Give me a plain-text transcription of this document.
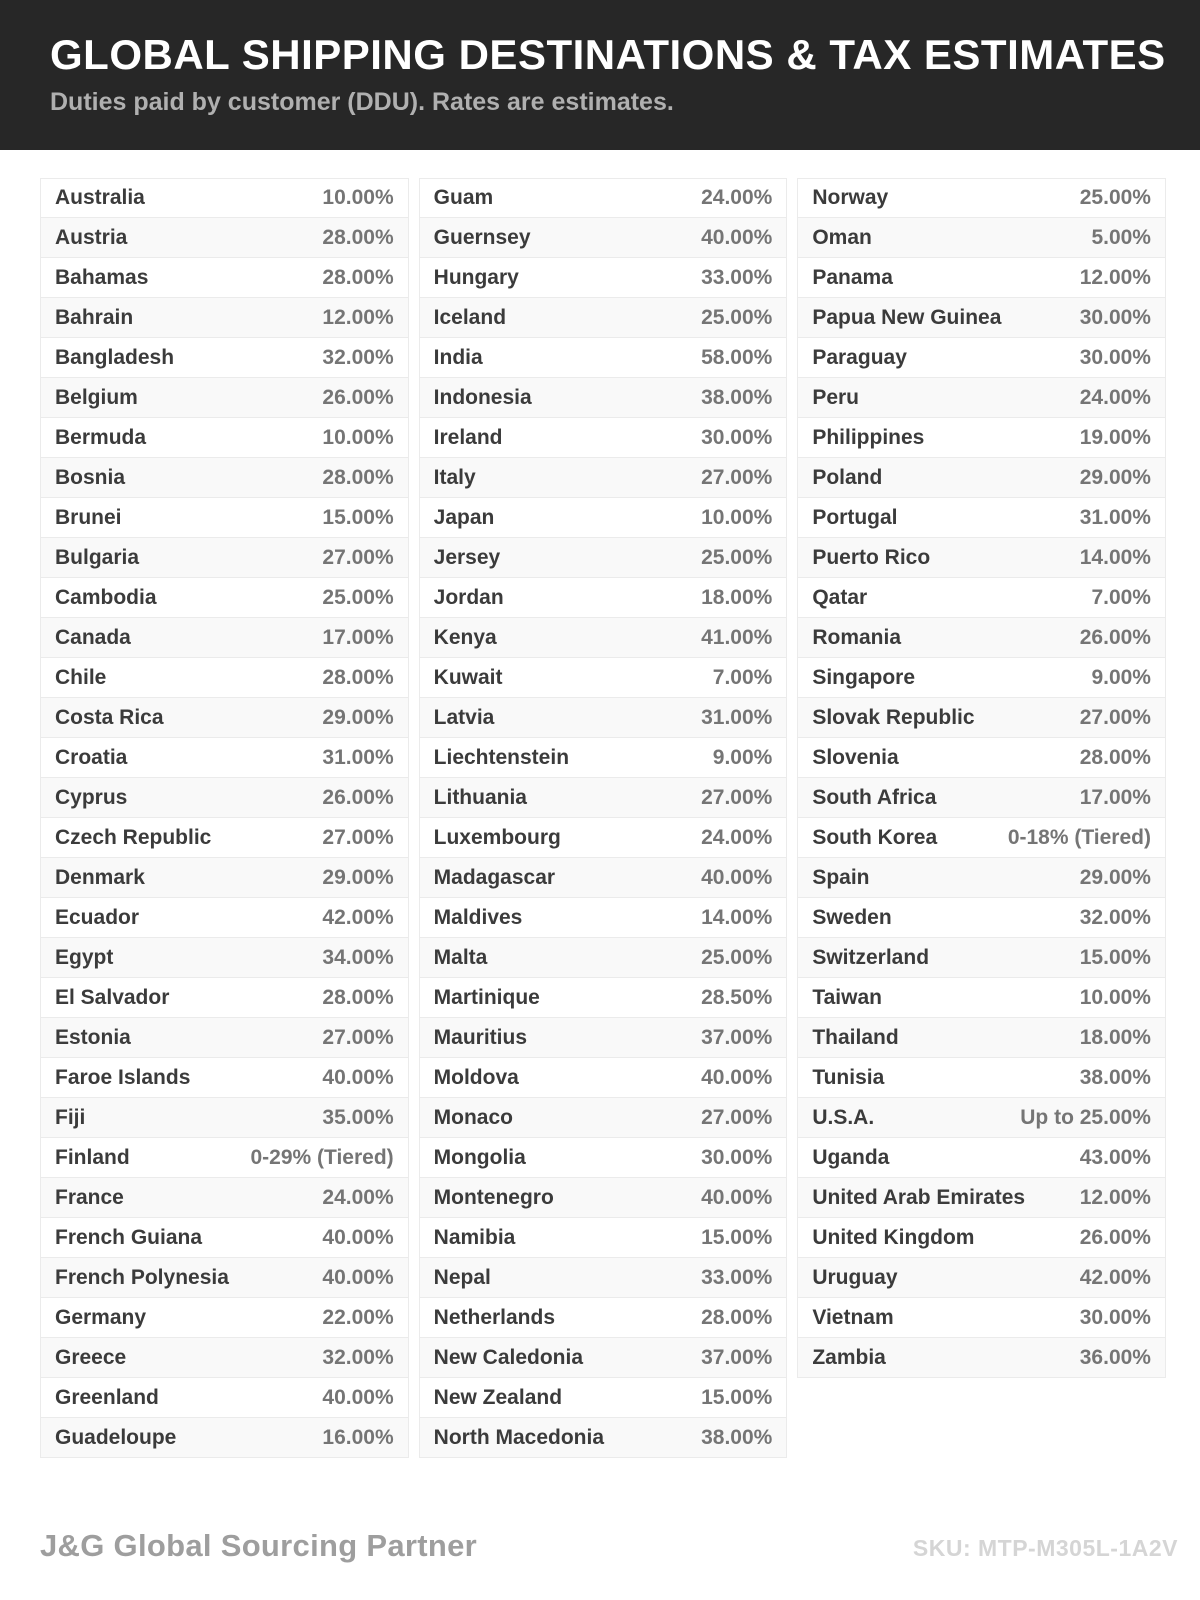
GLOBAL SHIPPING DESTINATIONS & TAX ESTIMATES

Duties paid by customer (DDU). Rates are estimates.

Australia	10.00%
Austria	28.00%
Bahamas	28.00%
Bahrain	12.00%
Bangladesh	32.00%
Belgium	26.00%
Bermuda	10.00%
Bosnia	28.00%
Brunei	15.00%
Bulgaria	27.00%
Cambodia	25.00%
Canada	17.00%
Chile	28.00%
Costa Rica	29.00%
Croatia	31.00%
Cyprus	26.00%
Czech Republic	27.00%
Denmark	29.00%
Ecuador	42.00%
Egypt	34.00%
El Salvador	28.00%
Estonia	27.00%
Faroe Islands	40.00%
Fiji	35.00%
Finland	0-29% (Tiered)
France	24.00%
French Guiana	40.00%
French Polynesia	40.00%
Germany	22.00%
Greece	32.00%
Greenland	40.00%
Guadeloupe	16.00%
Guam	24.00%
Guernsey	40.00%
Hungary	33.00%
Iceland	25.00%
India	58.00%
Indonesia	38.00%
Ireland	30.00%
Italy	27.00%
Japan	10.00%
Jersey	25.00%
Jordan	18.00%
Kenya	41.00%
Kuwait	7.00%
Latvia	31.00%
Liechtenstein	9.00%
Lithuania	27.00%
Luxembourg	24.00%
Madagascar	40.00%
Maldives	14.00%
Malta	25.00%
Martinique	28.50%
Mauritius	37.00%
Moldova	40.00%
Monaco	27.00%
Mongolia	30.00%
Montenegro	40.00%
Namibia	15.00%
Nepal	33.00%
Netherlands	28.00%
New Caledonia	37.00%
New Zealand	15.00%
North Macedonia	38.00%
Norway	25.00%
Oman	5.00%
Panama	12.00%
Papua New Guinea	30.00%
Paraguay	30.00%
Peru	24.00%
Philippines	19.00%
Poland	29.00%
Portugal	31.00%
Puerto Rico	14.00%
Qatar	7.00%
Romania	26.00%
Singapore	9.00%
Slovak Republic	27.00%
Slovenia	28.00%
South Africa	17.00%
South Korea	0-18% (Tiered)
Spain	29.00%
Sweden	32.00%
Switzerland	15.00%
Taiwan	10.00%
Thailand	18.00%
Tunisia	38.00%
U.S.A.	Up to 25.00%
Uganda	43.00%
United Arab Emirates	12.00%
United Kingdom	26.00%
Uruguay	42.00%
Vietnam	30.00%
Zambia	36.00%
J&G Global Sourcing Partner	SKU: MTP-M305L-1A2V
